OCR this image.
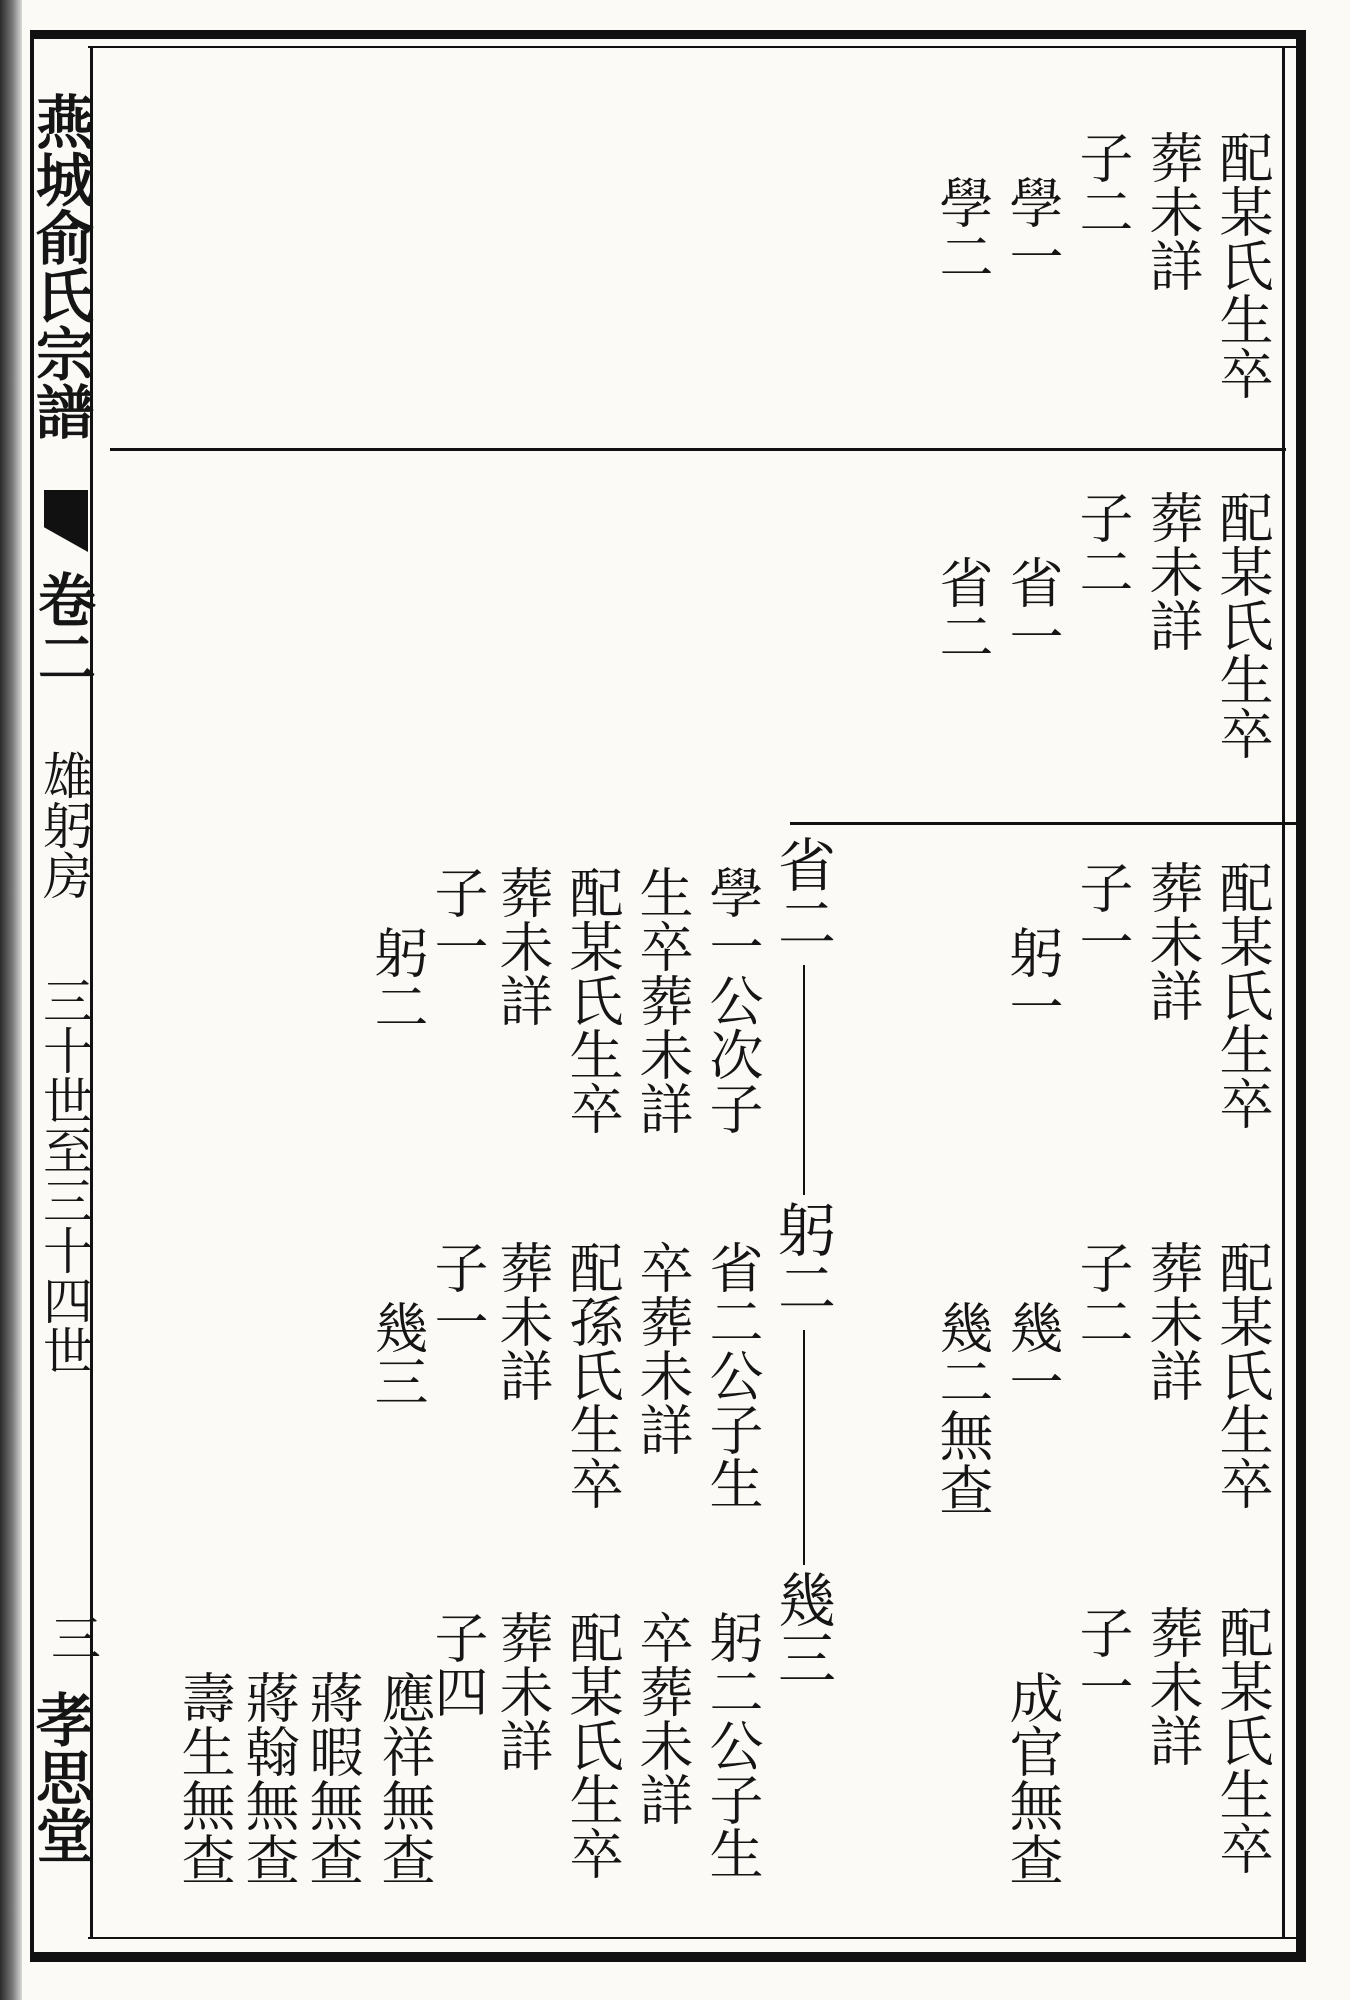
燕城俞氏宗譜
卷二
雄躬房
三十世至三十四世
三
孝思堂
配某氏生卒
葬未詳
子二
學一
學二
配某氏生卒
葬未詳
子二
省一
省二
配某氏生卒
葬未詳
子一
躬一
配某氏生卒
葬未詳
子二
幾一
幾二無查
配某氏生卒
葬未詳
子一
成官無查
省二
躬二
幾三
學一公次子
生卒葬未詳
配某氏生卒
葬未詳
子一
躬二
省二公子生
卒葬未詳
配孫氏生卒
葬未詳
子一
幾三
躬二公子生
卒葬未詳
配某氏生卒
葬未詳
子四
應祥無查
蔣暇無查
蔣翰無查
壽生無查
